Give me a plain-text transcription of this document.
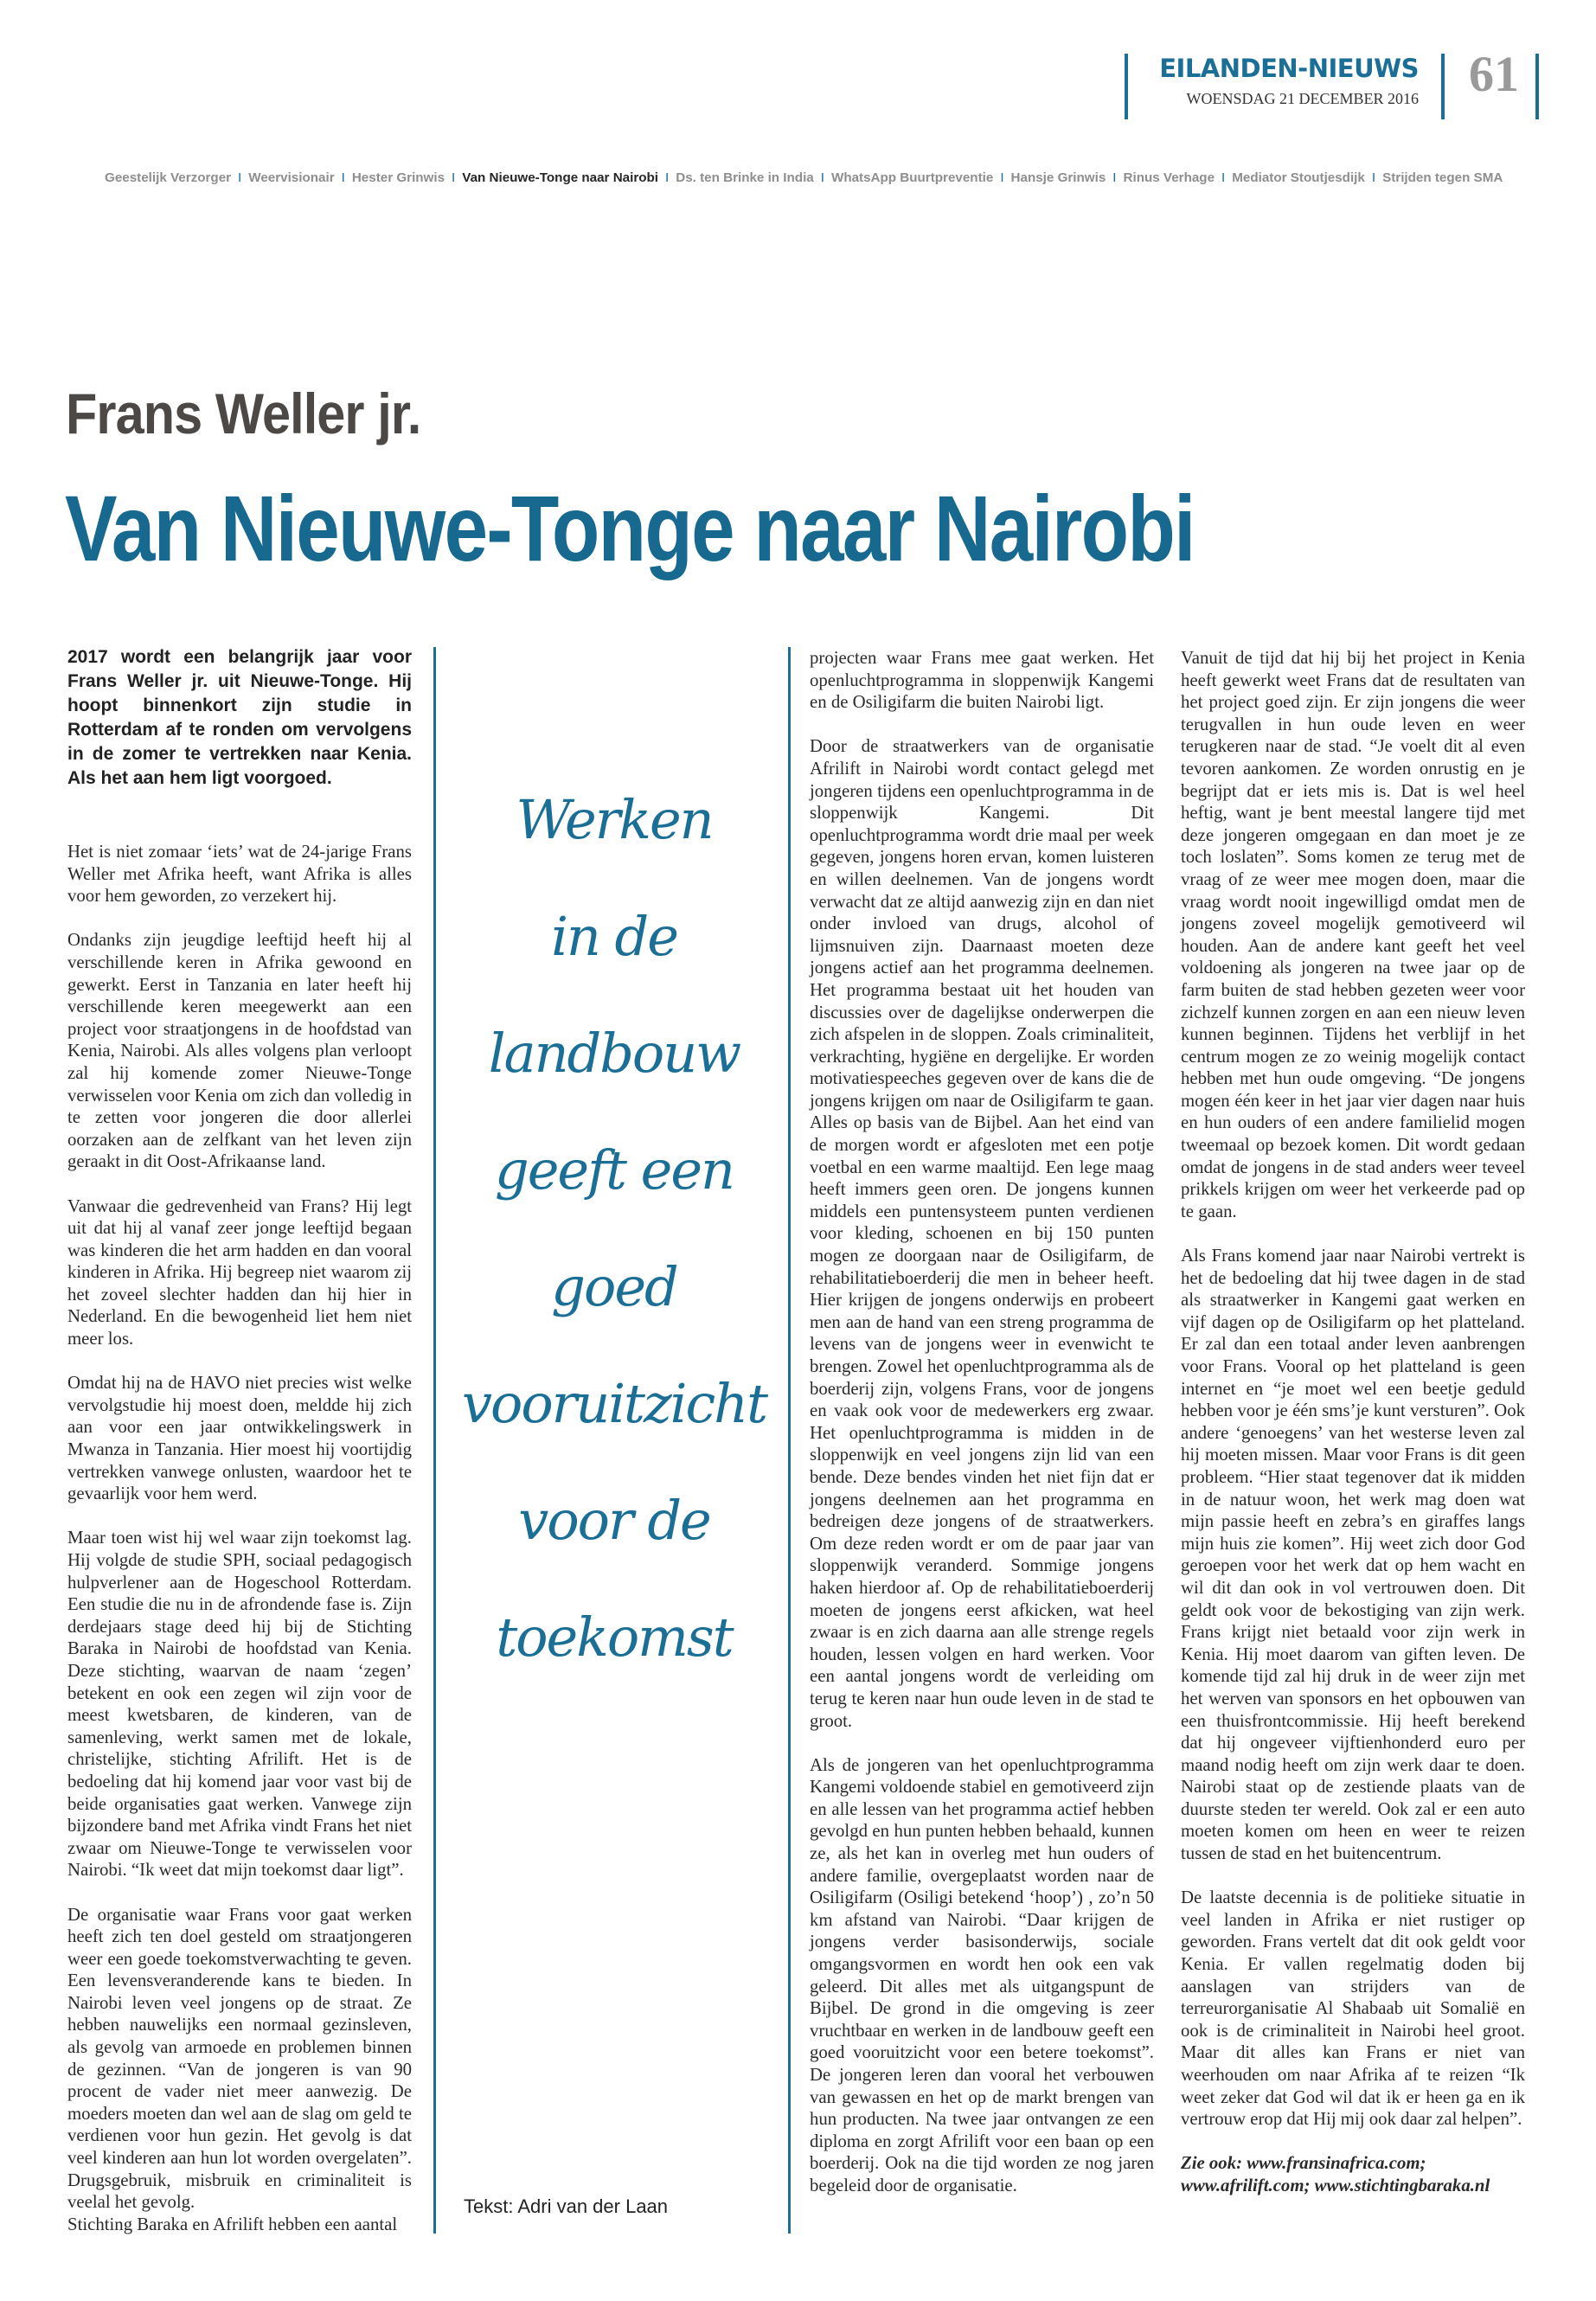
EILANDEN-NIEUWS
WOENSDAG 21 DECEMBER 2016 61
Geestelijk Verzorger I Weervisionair I Hester Grinwis I Van Nieuwe-Tonge naar Nairobi I Ds. ten Brinke in India I WhatsApp Buurtpreventie I Hansje Grinwis I Rinus Verhage I Mediator Stoutjesdijk I Strijden tegen SMA
Frans Weller jr.
Van Nieuwe-Tonge naar Nairobi

2017 wordt een belangrijk jaar voor Frans Weller jr. uit Nieuwe-Tonge. Hij hoopt binnenkort zijn studie in Rotterdam af te ronden om vervolgens in de zomer te vertrekken naar Kenia. Als het aan hem ligt voorgoed.

Het is niet zomaar ‘iets’ wat de 24-jarige Frans Weller met Afrika heeft, want Afrika is alles voor hem geworden, zo verzekert hij.

Ondanks zijn jeugdige leeftijd heeft hij al verschillende keren in Afrika gewoond en gewerkt. Eerst in Tanzania en later heeft hij verschillende keren meegewerkt aan een project voor straatjongens in de hoofdstad van Kenia, Nairobi. Als alles volgens plan verloopt zal hij komende zomer Nieuwe-Tonge verwisselen voor Kenia om zich dan volledig in te zetten voor jongeren die door allerlei oorzaken aan de zelfkant van het leven zijn geraakt in dit Oost-Afrikaanse land.

Vanwaar die gedrevenheid van Frans? Hij legt uit dat hij al vanaf zeer jonge leeftijd begaan was kinderen die het arm hadden en dan vooral kinderen in Afrika. Hij begreep niet waarom zij het zoveel slechter hadden dan hij hier in Nederland. En die bewogenheid liet hem niet meer los.

Omdat hij na de HAVO niet precies wist welke vervolgstudie hij moest doen, meldde hij zich aan voor een jaar ontwikkelingswerk in Mwanza in Tanzania. Hier moest hij voortijdig vertrekken vanwege onlusten, waardoor het te gevaarlijk voor hem werd.

Maar toen wist hij wel waar zijn toekomst lag. Hij volgde de studie SPH, sociaal pedagogisch hulpverlener aan de Hogeschool Rotterdam. Een studie die nu in de afrondende fase is. Zijn derdejaars stage deed hij bij de Stichting Baraka in Nairobi de hoofdstad van Kenia. Deze stichting, waarvan de naam ‘zegen’ betekent en ook een zegen wil zijn voor de meest kwetsbaren, de kinderen, van de samenleving, werkt samen met de lokale, christelijke, stichting Afrilift. Het is de bedoeling dat hij komend jaar voor vast bij de beide organisaties gaat werken. Vanwege zijn bijzondere band met Afrika vindt Frans het niet zwaar om Nieuwe-Tonge te verwisselen voor Nairobi. “Ik weet dat mijn toekomst daar ligt”.

De organisatie waar Frans voor gaat werken heeft zich ten doel gesteld om straatjongeren weer een goede toekomstverwachting te geven. Een levensveranderende kans te bieden. In Nairobi leven veel jongens op de straat. Ze hebben nauwelijks een normaal gezinsleven, als gevolg van armoede en problemen binnen de gezinnen. “Van de jongeren is van 90 procent de vader niet meer aanwezig. De moeders moeten dan wel aan de slag om geld te verdienen voor hun gezin. Het gevolg is dat veel kinderen aan hun lot worden overgelaten”. Drugsgebruik, misbruik en criminaliteit is veelal het gevolg.

Stichting Baraka en Afrilift hebben een aantal

Werken
in de
landbouw
geeft een
goed
vooruitzicht
voor de
toekomst
Tekst: Adri van der Laan

projecten waar Frans mee gaat werken. Het openluchtprogramma in sloppenwijk Kangemi en de Osiligifarm die buiten Nairobi ligt.

Door de straatwerkers van de organisatie Afrilift in Nairobi wordt contact gelegd met jongeren tijdens een openluchtprogramma in de sloppenwijk Kangemi. Dit openluchtprogramma wordt drie maal per week gegeven, jongens horen ervan, komen luisteren en willen deelnemen. Van de jongens wordt verwacht dat ze altijd aanwezig zijn en dan niet onder invloed van drugs, alcohol of lijmsnuiven zijn. Daarnaast moeten deze jongens actief aan het programma deelnemen. Het programma bestaat uit het houden van discussies over de dagelijkse onderwerpen die zich afspelen in de sloppen. Zoals criminaliteit, verkrachting, hygiëne en dergelijke. Er worden motivatiespeeches gegeven over de kans die de jongens krijgen om naar de Osiligifarm te gaan. Alles op basis van de Bijbel. Aan het eind van de morgen wordt er afgesloten met een potje voetbal en een warme maaltijd. Een lege maag heeft immers geen oren. De jongens kunnen middels een puntensysteem punten verdienen voor kleding, schoenen en bij 150 punten mogen ze doorgaan naar de Osiligifarm, de rehabilitatieboerderij die men in beheer heeft. Hier krijgen de jongens onderwijs en probeert men aan de hand van een streng programma de levens van de jongens weer in evenwicht te brengen. Zowel het openluchtprogramma als de boerderij zijn, volgens Frans, voor de jongens en vaak ook voor de medewerkers erg zwaar. Het openluchtprogramma is midden in de sloppenwijk en veel jongens zijn lid van een bende. Deze bendes vinden het niet fijn dat er jongens deelnemen aan het programma en bedreigen deze jongens of de straatwerkers. Om deze reden wordt er om de paar jaar van sloppenwijk veranderd. Sommige jongens haken hierdoor af. Op de rehabilitatieboerderij moeten de jongens eerst afkicken, wat heel zwaar is en zich daarna aan alle strenge regels houden, lessen volgen en hard werken. Voor een aantal jongens wordt de verleiding om terug te keren naar hun oude leven in de stad te groot.

Als de jongeren van het openluchtprogramma Kangemi voldoende stabiel en gemotiveerd zijn en alle lessen van het programma actief hebben gevolgd en hun punten hebben behaald, kunnen ze, als het kan in overleg met hun ouders of andere familie, overgeplaatst worden naar de Osiligifarm (Osiligi betekend ‘hoop’) , zo’n 50 km afstand van Nairobi. “Daar krijgen de jongens verder basisonderwijs, sociale omgangsvormen en wordt hen ook een vak geleerd. Dit alles met als uitgangspunt de Bijbel. De grond in die omgeving is zeer vruchtbaar en werken in de landbouw geeft een goed vooruitzicht voor een betere toekomst”. De jongeren leren dan vooral het verbouwen van gewassen en het op de markt brengen van hun producten. Na twee jaar ontvangen ze een diploma en zorgt Afrilift voor een baan op een boerderij. Ook na die tijd worden ze nog jaren begeleid door de organisatie.

Vanuit de tijd dat hij bij het project in Kenia heeft gewerkt weet Frans dat de resultaten van het project goed zijn. Er zijn jongens die weer terugvallen in hun oude leven en weer terugkeren naar de stad. “Je voelt dit al even tevoren aankomen. Ze worden onrustig en je begrijpt dat er iets mis is. Dat is wel heel heftig, want je bent meestal langere tijd met deze jongeren omgegaan en dan moet je ze toch loslaten”. Soms komen ze terug met de vraag of ze weer mee mogen doen, maar die vraag wordt nooit ingewilligd omdat men de jongens zoveel mogelijk gemotiveerd wil houden. Aan de andere kant geeft het veel voldoening als jongeren na twee jaar op de farm buiten de stad hebben gezeten weer voor zichzelf kunnen zorgen en aan een nieuw leven kunnen beginnen. Tijdens het verblijf in het centrum mogen ze zo weinig mogelijk contact hebben met hun oude omgeving. “De jongens mogen één keer in het jaar vier dagen naar huis en hun ouders of een andere familielid mogen tweemaal op bezoek komen. Dit wordt gedaan omdat de jongens in de stad anders weer teveel prikkels krijgen om weer het verkeerde pad op te gaan.

Als Frans komend jaar naar Nairobi vertrekt is het de bedoeling dat hij twee dagen in de stad als straatwerker in Kangemi gaat werken en vijf dagen op de Osiligifarm op het platteland. Er zal dan een totaal ander leven aanbrengen voor Frans. Vooral op het platteland is geen internet en “je moet wel een beetje geduld hebben voor je één sms’je kunt versturen”. Ook andere ‘genoegens’ van het westerse leven zal hij moeten missen. Maar voor Frans is dit geen probleem. “Hier staat tegenover dat ik midden in de natuur woon, het werk mag doen wat mijn passie heeft en zebra’s en giraffes langs mijn huis zie komen”. Hij weet zich door God geroepen voor het werk dat op hem wacht en wil dit dan ook in vol vertrouwen doen. Dit geldt ook voor de bekostiging van zijn werk. Frans krijgt niet betaald voor zijn werk in Kenia. Hij moet daarom van giften leven. De komende tijd zal hij druk in de weer zijn met het werven van sponsors en het opbouwen van een thuisfrontcommissie. Hij heeft berekend dat hij ongeveer vijftienhonderd euro per maand nodig heeft om zijn werk daar te doen. Nairobi staat op de zestiende plaats van de duurste steden ter wereld. Ook zal er een auto moeten komen om heen en weer te reizen tussen de stad en het buitencentrum.

De laatste decennia is de politieke situatie in veel landen in Afrika er niet rustiger op geworden. Frans vertelt dat dit ook geldt voor Kenia. Er vallen regelmatig doden bij aanslagen van strijders van de terreurorganisatie Al Shabaab uit Somalië en ook is de criminaliteit in Nairobi heel groot. Maar dit alles kan Frans er niet van weerhouden om naar Afrika af te reizen “Ik weet zeker dat God wil dat ik er heen ga en ik vertrouw erop dat Hij mij ook daar zal helpen”.

Zie ook: www.fransinafrica.com; www.afrilift.com; www.stichtingbaraka.nl
